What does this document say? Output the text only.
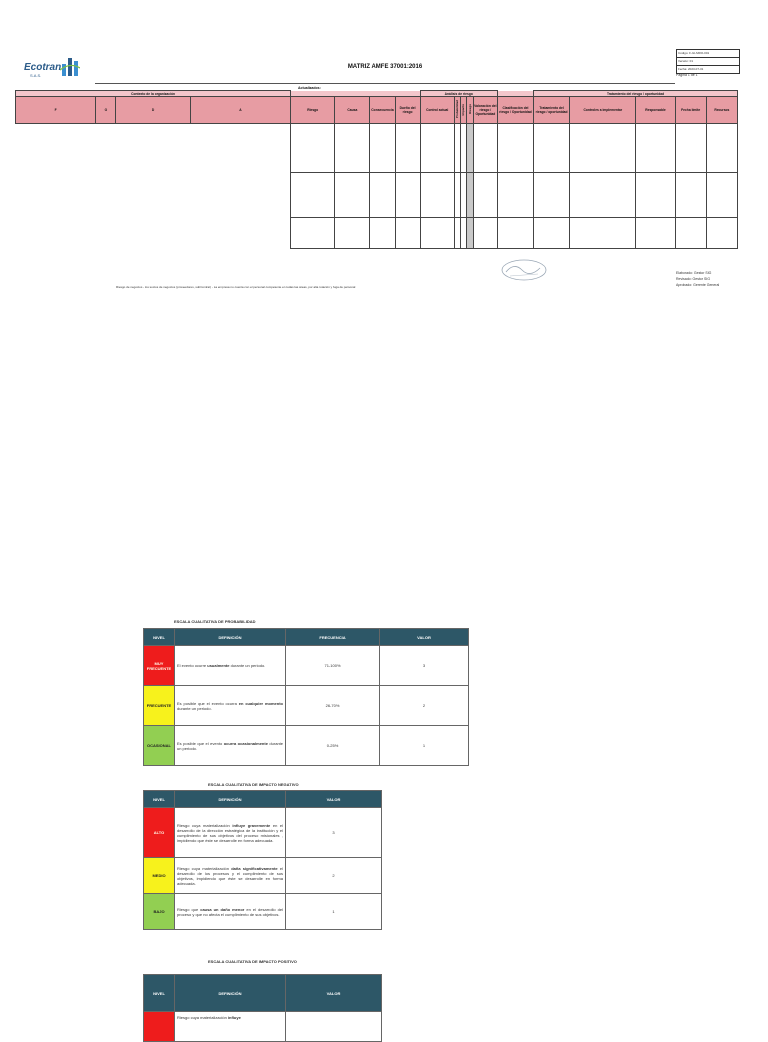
Ecotran
S.A.S.
MATRIZ AMFE 37001:2016
Código: F-GI-MRO-001
Versión: 01
Fecha: 2023-07-31
Página 1 de 1
Actualizados:
Contexto de la organización								Análisis de riesgo						Tratamiento del riesgo / oportunidad				
F	O	D	A	Riesgo	Causa	Consecuencia	Dueño del riesgo	Control actual	Probabilidad	Impacto	Riesgo	Valoración del riesgo / Oportunidad	Clasificación del riesgo / Oportunidad	Tratamiento del riesgo / oportunidad	Controles a implementar	Responsable	Fecha límite	Recursos

Riesgo de negocios - los socios de negocios (proveedores, subContrat) - La empresa no cuenta con el personal competente en todas las áreas, por alta rotación y fuga de personal
Elaborado: Gestor SIG
Revisado: Gestor SIG
Aprobado: Gerente General
ESCALA CUALITATIVA DE PROBABILIDAD
NIVEL	DEFINICIÓN	FRECUENCIA	VALOR
MUY FRECUENTE	El evento ocurre usualmente durante un periodo.	71-100%	3
FRECUENTE	Es posible que el evento ocurra en cualquier momento durante un periodo.	26-70%	2
OCASIONAL	Es posible que el evento ocurra ocasionalmente durante un periodo.	0-25%	1
ESCALA CUALITATIVA DE IMPACTO NEGATIVO
NIVEL	DEFINICIÓN	VALOR
ALTO	Riesgo cuya materialización influye gravemente en el desarrollo de la dirección estratégica de la institución y el cumplimiento de sus objetivos del proceso misionales , impidiendo que éste se desarrolle en forma adecuada.	3
MEDIO	Riesgo cuya materialización daña significativamente el desarrollo de los procesos y el cumplimiento de sus objetivos, impidiendo que éste se desarrolle en forma adecuada.	2
BAJO	Riesgo que causa un daño menor en el desarrollo del proceso y que no afecta el cumplimiento de sus objetivos.	1
ESCALA CUALITATIVA DE IMPACTO POSITIVO
NIVEL	DEFINICIÓN	VALOR
	Riesgo cuya materialización influye	
